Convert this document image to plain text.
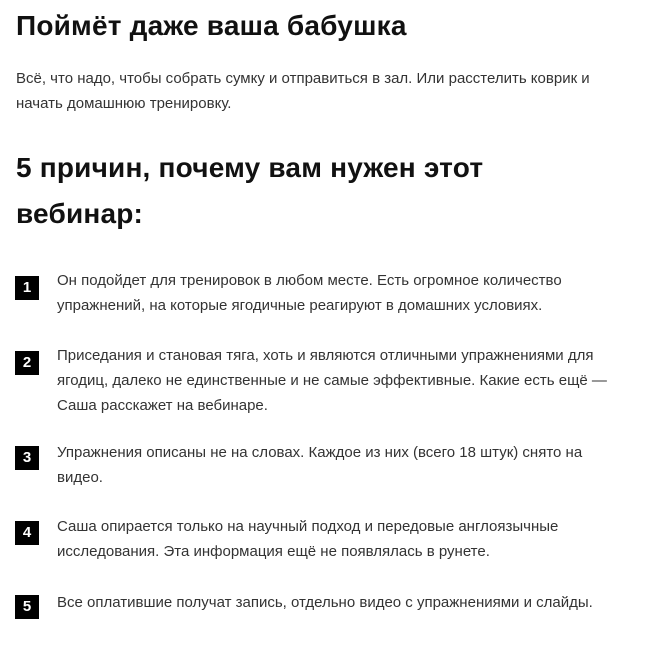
Поймёт даже ваша бабушка

Всё, что надо, чтобы собрать сумку и отправиться в зал. Или расстелить коврик и начать домашнюю тренировку.

5 причин, почему вам нужен этот вебинар:
1	Он подойдет для тренировок в любом месте. Есть огромное количество упражнений, на которые ягодичные реагируют в домашних условиях.

2	Приседания и становая тяга, хоть и являются отличными упражнениями для ягодиц, далеко не единственные и не самые эффективные. Какие есть ещё — Саша расскажет на вебинаре.

3	Упражнения описаны не на словах. Каждое из них (всего 18 штук) снято на видео.

4	Саша опирается только на научный подход и передовые англоязычные исследования. Эта информация ещё не появлялась в рунете.

5	Все оплатившие получат запись, отдельно видео с упражнениями и слайды.
